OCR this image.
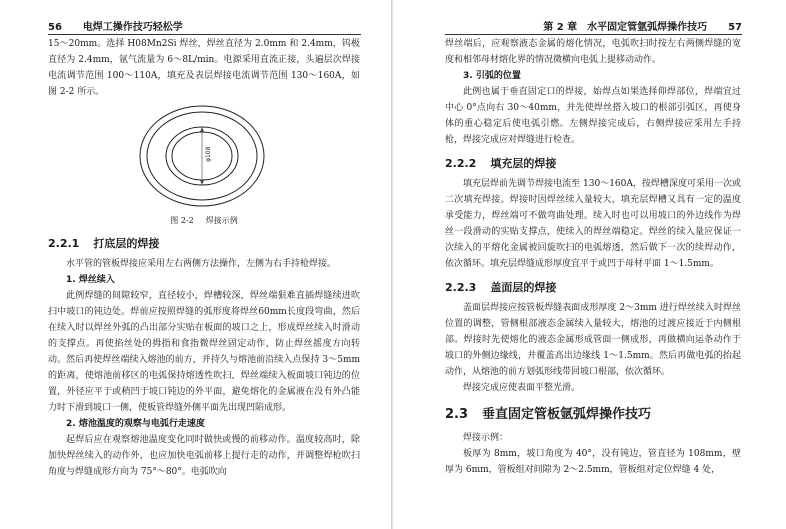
56 电焊工操作技巧轻松学

15～20mm。选择 H08Mn2Si 焊丝，焊丝直径为 2.0mm 和 2.4mm，钨极直径为 2.4mm，氩气流量为 6～8L/min。电源采用直流正接，头遍层次焊接电流调节范围 100～110A，填充及表层焊接电流调节范围 130～160A，如图 2-2 所示。

φ108
图 2-2 焊接示例
2.2.1 打底层的焊接

水平管的管板焊接应采用左右两侧方法操作，左侧为右手持枪焊接。

1. 焊丝续入

此例焊缝的间隙较窄，直径较小，焊槽较深，焊丝端狠难直插焊缝续进吹扫中坡口的钝边处。焊前应按照焊缝的弧形度将焊丝60mm长度段弯曲，然后在续入时以焊丝外弧的凸出部分实贴在板面的坡口之上，形成焊丝续入时滑动的支撑点。再使掐丝处的拇指和食指微焊丝固定动作，防止焊丝摇度方向转动。然后再使焊丝端续入熔池的前方，并持久与熔池前沿续入点保持 3～5mm 的距离，使熔池前移区的电弧保持熔透性吹扫，焊丝端续入板面坡口钝边的位置，外径应平于或稍凹于坡口钝边的外平面，避免熔化的金属液在没有外凸能力时下滑到坡口一侧，使板管焊缝外侧平面先出现凹陷成形。

2. 熔池温度的观察与电弧行走速度

起焊后应在观察熔池温度变化同时做快或慢的前移动作。温度较高时，除加快焊丝续入的动作外，也应加快电弧前移上提行走的动作，并调整焊枪吹扫角度与焊缝成形方向为 75°～80°。电弧吹向

第 2 章　水平固定管氩弧焊操作技巧 57

焊丝端后，应观察液态金属的熔化情况，电弧吹扫时按左右两侧焊缝的宽度和相邻母材熔化界的情况微横向电弧上提移动动作。

3. 引弧的位置

此例也属于垂直固定口的焊接，始焊点如果选择仰焊部位，焊端宜过中心 0°点向右 30～40mm，并先使焊丝搭入坡口的根部引弧区，再使身体的重心稳定后使电弧引燃。左侧焊接完成后，右侧焊接应采用左手持枪，焊接完成应对焊缝进行检查。

2.2.2 填充层的焊接

填充层焊前先调节焊接电流至 130～160A，按焊槽深度可采用一次或二次填充焊接。焊接时因焊丝续入量较大，填充层焊槽又具有一定的温度承受能力，焊丝端可不做弯曲处理。续入时也可以用坡口的外边线作为焊丝一段滑动的实贴支撑点，使续入的焊丝端稳定。焊丝的续入量应保证一次续入的平熔化金属被回旋吹扫的电弧熔透，然后做下一次的续焊动作，依次循环。填充层焊缝成形厚度宜平于或凹于母材平面 1～1.5mm。

2.2.3 盖面层的焊接

盖面层焊接应按管板焊缝表面成形厚度 2～3mm 进行焊丝续入时焊丝位置的调整，管侧根部液态金属续入量较大，熔池的过渡应接近于内侧根部。焊接时先使熔化的液态金属形成管面一侧成形，再做横向运条动作于坡口的外侧边缘线，并覆盖高出边缘线 1～1.5mm。然后再做电弧的抬起动作，从熔池的前方划弧形线带回坡口根部，依次循环。

焊接完成应使表面平整光滑。

2.3 垂直固定管板氩弧焊操作技巧

焊接示例：

板厚为 8mm，坡口角度为 40°，没有钝边，管直径为 108mm，壁厚为 6mm，管板组对间隙为 2～2.5mm，管板组对定位焊缝 4 处，
